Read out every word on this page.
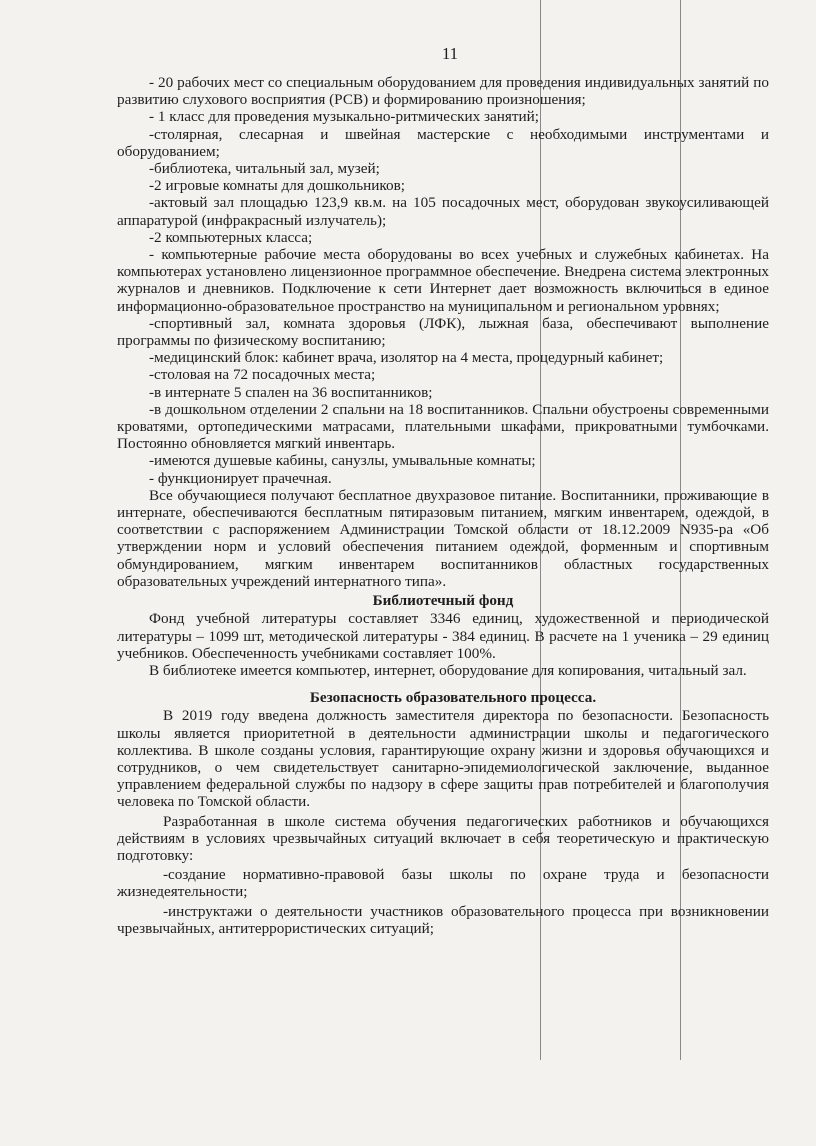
11

- 20 рабочих мест со специальным оборудованием для проведения индивидуальных занятий по развитию слухового восприятия (РСВ) и формированию произношения;

- 1 класс для проведения музыкально-ритмических занятий;

-столярная, слесарная и швейная мастерские с необходимыми инструментами и оборудованием;

-библиотека, читальный зал, музей;

-2 игровые комнаты для дошкольников;

-актовый зал площадью 123,9 кв.м. на 105 посадочных мест, оборудован звукоусиливающей аппаратурой (инфракрасный излучатель);

-2 компьютерных класса;

- компьютерные рабочие места оборудованы во всех учебных и служебных кабинетах. На компьютерах установлено лицензионное программное обеспечение. Внедрена система электронных журналов и дневников. Подключение к сети Интернет дает возможность включиться в единое информационно-образовательное пространство на муниципальном и региональном уровнях;

-спортивный зал, комната здоровья (ЛФК), лыжная база, обеспечивают выполнение программы по физическому воспитанию;

-медицинский блок: кабинет врача, изолятор на 4 места, процедурный кабинет;

-столовая на 72 посадочных места;

-в интернате 5 спален на 36 воспитанников;

-в дошкольном отделении 2 спальни на 18 воспитанников. Спальни обустроены современными кроватями, ортопедическими матрасами, плательными шкафами, прикроватными тумбочками. Постоянно обновляется мягкий инвентарь.

-имеются душевые кабины, санузлы, умывальные комнаты;

- функционирует прачечная.

Все обучающиеся получают бесплатное двухразовое питание. Воспитанники, проживающие в интернате, обеспечиваются бесплатным пятиразовым питанием, мягким инвентарем, одеждой, в соответствии с распоряжением Администрации Томской области от 18.12.2009 N935-ра «Об утверждении норм и условий обеспечения питанием одеждой, форменным и спортивным обмундированием, мягким инвентарем воспитанников областных государственных образовательных учреждений интернатного типа».

Библиотечный фонд

Фонд учебной литературы составляет 3346 единиц, художественной и периодической литературы – 1099 шт, методической литературы - 384 единиц. В расчете на 1 ученика – 29 единиц учебников. Обеспеченность учебниками составляет 100%.

В библиотеке имеется компьютер, интернет, оборудование для копирования, читальный зал.

Безопасность образовательного процесса.

В 2019 году введена должность заместителя директора по безопасности. Безопасность школы является приоритетной в деятельности администрации школы и педагогического коллектива. В школе созданы условия, гарантирующие охрану жизни и здоровья обучающихся и сотрудников, о чем свидетельствует санитарно-эпидемиологической заключение, выданное управлением федеральной службы по надзору в сфере защиты прав потребителей и благополучия человека по Томской области.

Разработанная в школе система обучения педагогических работников и обучающихся действиям в условиях чрезвычайных ситуаций включает в себя теоретическую и практическую подготовку:

-создание нормативно-правовой базы школы по охране труда и безопасности жизнедеятельности;

-инструктажи о деятельности участников образовательного процесса при возникновении чрезвычайных, антитеррористических ситуаций;
